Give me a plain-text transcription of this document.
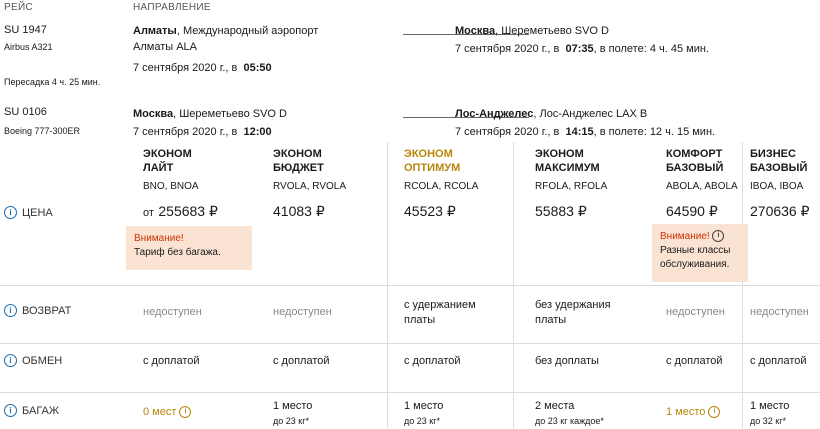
РЕЙС	НАПРАВЛЕНИЕ
SU 1947
Airbus A321
Пересадка 4 ч. 25 мин.
Алматы, Международный аэропорт
Алматы ALA
7 сентября 2020 г., в 05:50
Москва, Шереметьево SVO D
7 сентября 2020 г., в 07:35, в полете: 4 ч. 45 мин.
SU 0106
Boeing 777-300ER
Москва, Шереметьево SVO D
7 сентября 2020 г., в 12:00
Лос-Анджелес, Лос-Анджелес LAX B
7 сентября 2020 г., в 14:15, в полете: 12 ч. 15 мин.
i ЦЕНА
i ВОЗВРАТ
i ОБМЕН
i БАГАЖ
ЭКОНОМ
ЛАЙТ
BNO, BNOA
от 255683 ₽
Внимание!
Тариф без багажа.
недоступен
с доплатой
0 мест i
ЭКОНОМ
БЮДЖЕТ
RVOLA, RVOLA
41083 ₽
недоступен
с доплатой
1 место
до 23 кг*
ЭКОНОМ
ОПТИМУМ
RCOLA, RCOLA
45523 ₽
с удержанием
платы
с доплатой
1 место
до 23 кг*
ЭКОНОМ
МАКСИМУМ
RFOLA, RFOLA
55883 ₽
без удержания
платы
без доплаты
2 места
до 23 кг каждое*
КОМФОРТ
БАЗОВЫЙ
ABOLA, ABOLA
64590 ₽
Внимание! i
Разные классы
обслуживания.
недоступен
с доплатой
1 место i
БИЗНЕС
БАЗОВЫЙ
IBOA, IBOA
270636 ₽
недоступен
с доплатой
1 место
до 32 кг*
